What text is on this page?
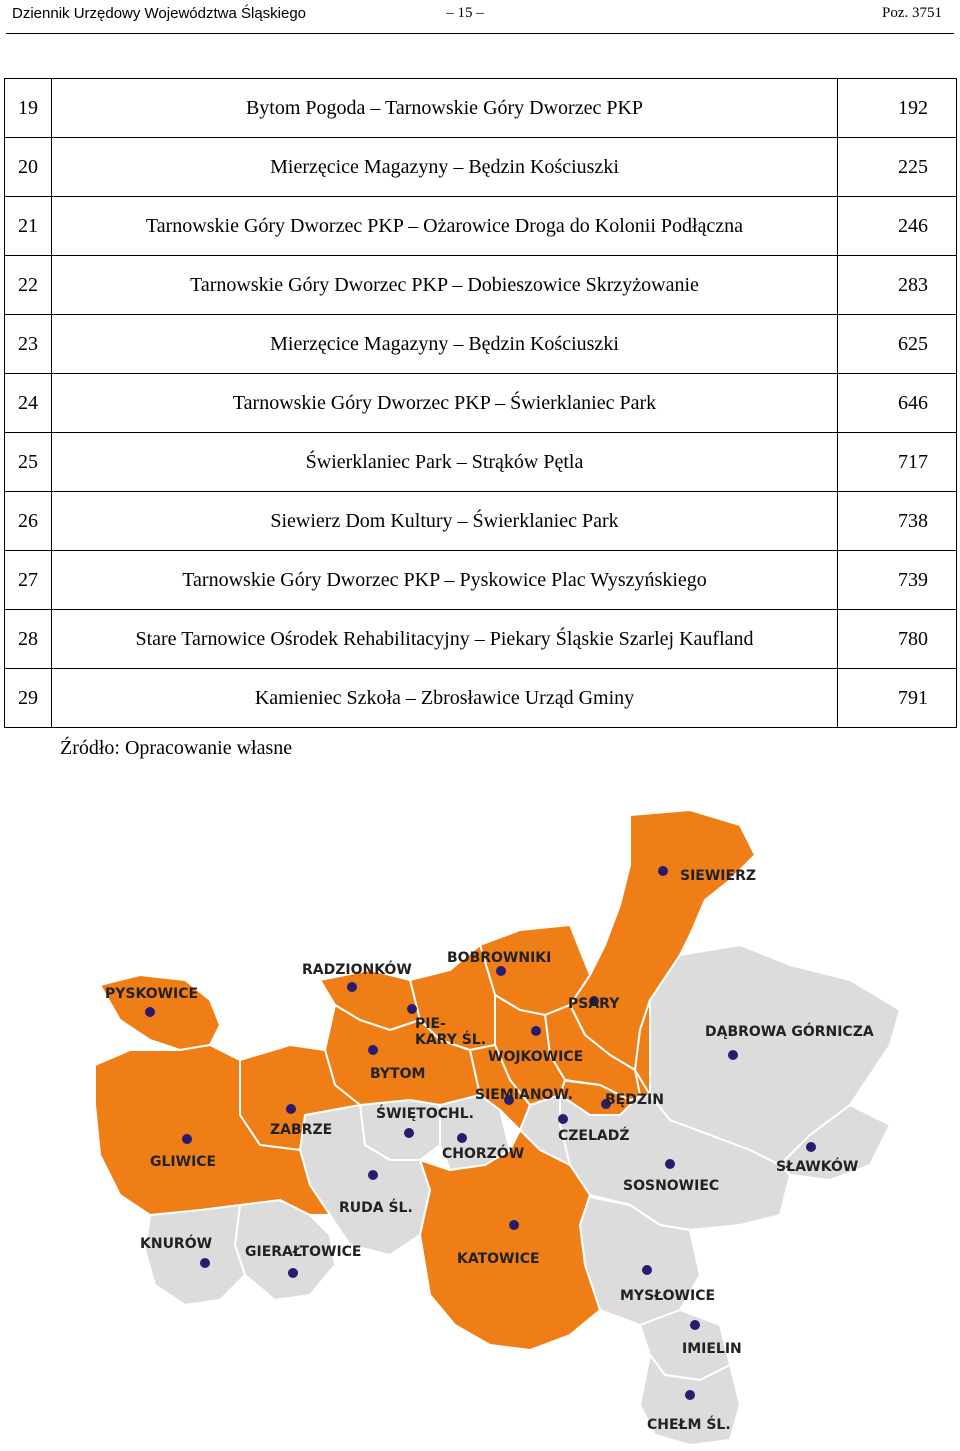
Dziennik Urzędowy Województwa Śląskiego	– 15 –	Poz. 3751
19	Bytom Pogoda – Tarnowskie Góry Dworzec PKP	192
20	Mierzęcice Magazyny – Będzin Kościuszki	225
21	Tarnowskie Góry Dworzec PKP – Ożarowice Droga do Kolonii Podłączna	246
22	Tarnowskie Góry Dworzec PKP – Dobieszowice Skrzyżowanie	283
23	Mierzęcice Magazyny – Będzin Kościuszki	625
24	Tarnowskie Góry Dworzec PKP – Świerklaniec Park	646
25	Świerklaniec Park – Strąków Pętla	717
26	Siewierz Dom Kultury – Świerklaniec Park	738
27	Tarnowskie Góry Dworzec PKP – Pyskowice Plac Wyszyńskiego	739
28	Stare Tarnowice Ośrodek Rehabilitacyjny – Piekary Śląskie Szarlej Kaufland	780
29	Kamieniec Szkoła – Zbrosławice Urząd Gminy	791
Źródło: Opracowanie własne
SIEWIERZ
BOBROWNIKI
RADZIONKÓW
PYSKOWICE
PSARY
PIE-
KARY ŚL.	DĄBROWA GÓRNICZA
WOJKOWICE
BYTOM
SIEMIANOW. BĘDZIN
ŚWIĘTOCHL.
CZELADŹ
ZABRZE
CHORZÓW
GLIWICE	SŁAWKÓW
SOSNOWIEC
RUDA ŚL.
KNURÓW GIERAŁTOWICE	KATOWICE
MYSŁOWICE
IMIELIN
CHEŁM ŚL.
